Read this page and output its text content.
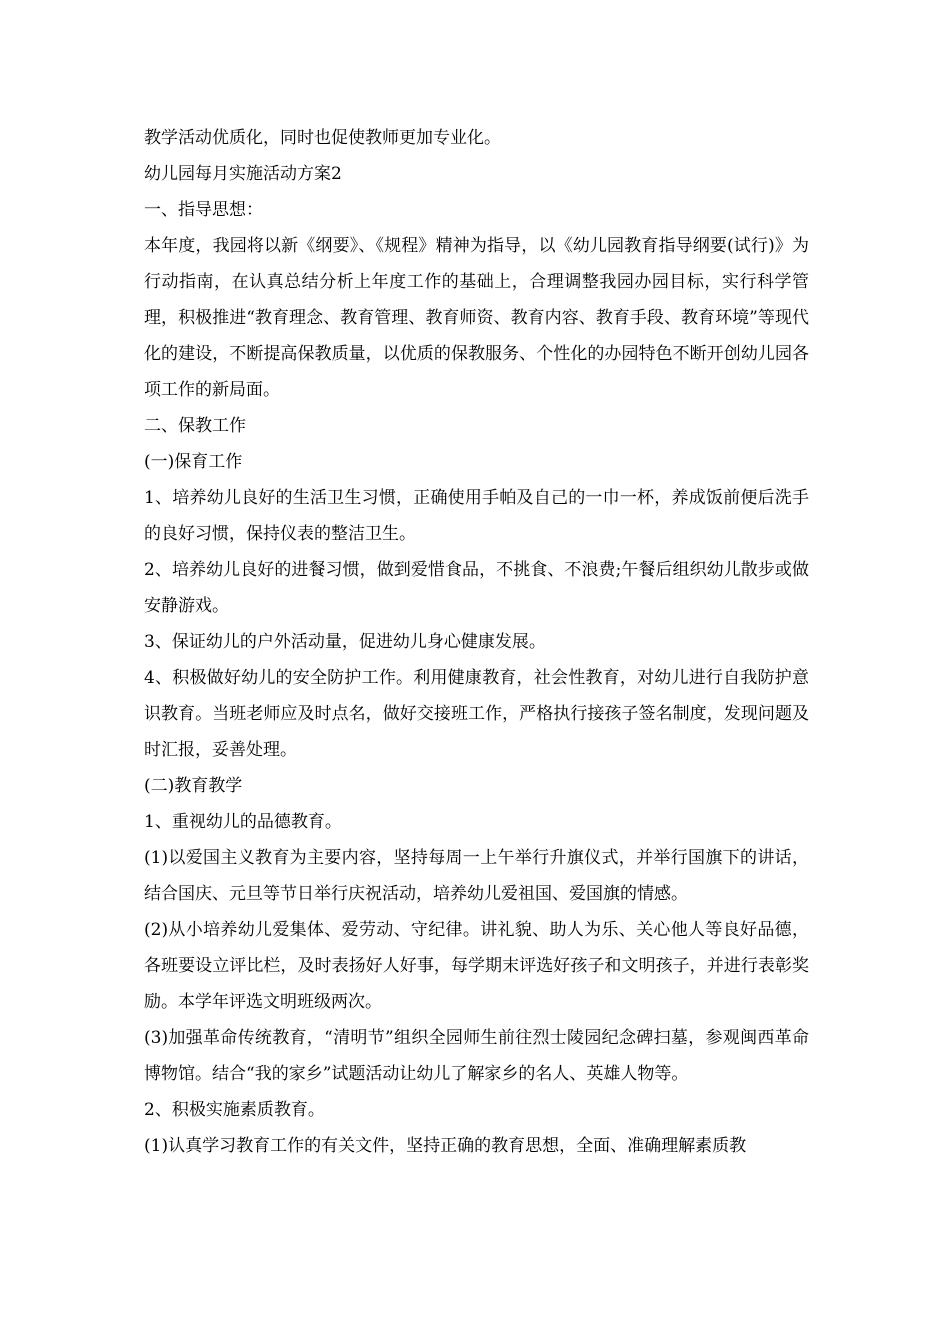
教学活动优质化，同时也促使教师更加专业化。

幼儿园每月实施活动方案2

一、指导思想：

本年度，我园将以新《纲要》、《规程》精神为指导，以《幼儿园教育指导纲要(试行)》为行动指南，在认真总结分析上年度工作的基础上，合理调整我园办园目标，实行科学管理，积极推进“教育理念、教育管理、教育师资、教育内容、教育手段、教育环境”等现代化的建设，不断提高保教质量，以优质的保教服务、个性化的办园特色不断开创幼儿园各项工作的新局面。

二、保教工作

(一)保育工作

1、培养幼儿良好的生活卫生习惯，正确使用手帕及自己的一巾一杯，养成饭前便后洗手的良好习惯，保持仪表的整洁卫生。

2、培养幼儿良好的进餐习惯，做到爱惜食品，不挑食、不浪费;午餐后组织幼儿散步或做安静游戏。

3、保证幼儿的户外活动量，促进幼儿身心健康发展。

4、积极做好幼儿的安全防护工作。利用健康教育，社会性教育，对幼儿进行自我防护意识教育。当班老师应及时点名，做好交接班工作，严格执行接孩子签名制度，发现问题及时汇报，妥善处理。

(二)教育教学

1、重视幼儿的品德教育。

(1)以爱国主义教育为主要内容，坚持每周一上午举行升旗仪式，并举行国旗下的讲话，结合国庆、元旦等节日举行庆祝活动，培养幼儿爱祖国、爱国旗的情感。

(2)从小培养幼儿爱集体、爱劳动、守纪律。讲礼貌、助人为乐、关心他人等良好品德，各班要设立评比栏，及时表扬好人好事，每学期末评选好孩子和文明孩子，并进行表彰奖励。本学年评选文明班级两次。

(3)加强革命传统教育，“清明节”组织全园师生前往烈士陵园纪念碑扫墓，参观闽西革命博物馆。结合“我的家乡”试题活动让幼儿了解家乡的名人、英雄人物等。

2、积极实施素质教育。

(1)认真学习教育工作的有关文件，坚持正确的教育思想，全面、准确理解素质教
